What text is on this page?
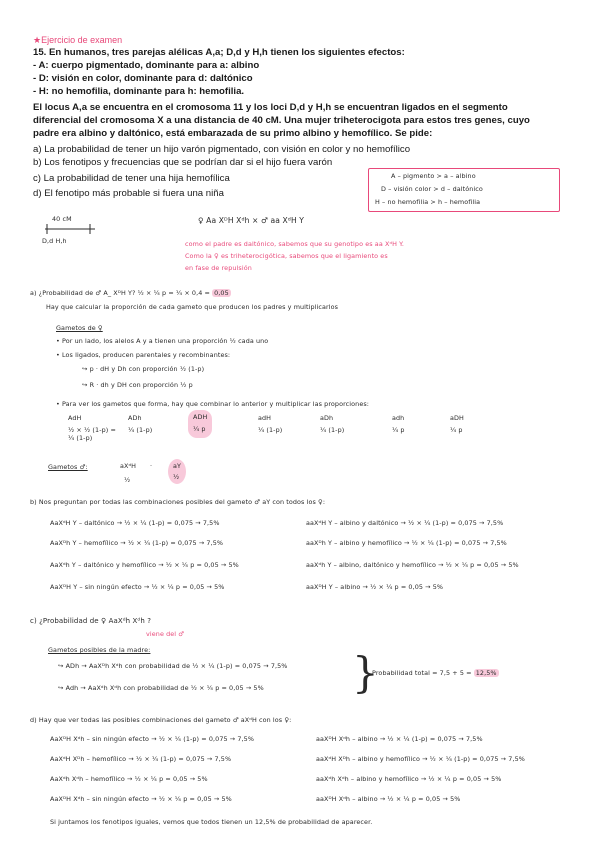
★Ejercicio de examen
15. En humanos, tres parejas alélicas A,a; D,d y H,h tienen los siguientes efectos:
- A: cuerpo pigmentado, dominante para a: albino
- D: visión en color, dominante para d: daltónico
- H: no hemofilia, dominante para h: hemofilia.
El locus A,a se encuentra en el cromosoma 11 y los loci D,d y H,h se encuentran ligados en el segmento
diferencial del cromosoma X a una distancia de 40 cM. Una mujer triheterocigota para estos tres genes, cuyo
padre era albino y daltónico, está embarazada de su primo albino y hemofílico. Se pide:
a) La probabilidad de tener un hijo varón pigmentado, con visión en color y no hemofílico
b) Los fenotipos y frecuencias que se podrían dar si el hijo fuera varón
c) La probabilidad de tener una hija hemofílica
d) El fenotipo más probable si fuera una niña
A – pigmento > a – albino
D – visión color > d – daltónico
H – no hemofilia > h – hemofilia
40 cM
D,d H,h
♀ Aa XᴰH Xᵈh × ♂ aa XᵈH Y
como el padre es daltónico, sabemos que su genotipo es aa XᵈH Y.
Como la ♀ es triheterocigótica, sabemos que el ligamiento es
en fase de repulsión
a) ¿Probabilidad de ♂ A_ XᴰH Y? ½ × ¼ p = ¼ × 0,4 = 0,05
Hay que calcular la proporción de cada gameto que producen los padres y multiplicarlos
Gametos de ♀
• Por un lado, los alelos A y a tienen una proporción ½ cada uno
• Los ligados, producen parentales y recombinantes:
↪ p · dH y Dh con proporción ½ (1-p)
↪ R · dh y DH con proporción ½ p
• Para ver los gametos que forma, hay que combinar lo anterior y multiplicar las proporciones:
AdH
½ × ½ (1-p) = ¼ (1-p)
ADh
¼ (1-p)
ADH
¼ p
adH
¼ (1-p)
aDh
¼ (1-p)
adh
¼ p
aDH
¼ p
Gametos ♂:	aXᵈH
½
·	aY
½
b) Nos preguntan por todas las combinaciones posibles del gameto ♂ aY con todos los ♀:
AaXᵈH Y – daltónico → ½ × ¼ (1-p) = 0,075 → 7,5%
AaXᴰh Y – hemofílico → ½ × ¼ (1-p) = 0,075 → 7,5%
AaXᵈh Y – daltónico y hemofílico → ½ × ¼ p = 0,05 → 5%
AaXᴰH Y – sin ningún efecto → ½ × ¼ p = 0,05 → 5%
aaXᵈH Y – albino y daltónico → ½ × ¼ (1-p) = 0,075 → 7,5%
aaXᴰh Y – albino y hemofílico → ½ × ¼ (1-p) = 0,075 → 7,5%
aaXᵈh Y – albino, daltónico y hemofílico → ½ × ¼ p = 0,05 → 5%
aaXᴰH Y – albino → ½ × ¼ p = 0,05 → 5%
c) ¿Probabilidad de ♀ AaXᵈh Xᵈh ?
viene del ♂
Gametos posibles de la madre:
↪ ADh → AaXᴰh Xᵈh con probabilidad de ½ × ¼ (1-p) = 0,075 → 7,5%
↪ Adh → AaXᵈh Xᵈh con probabilidad de ½ × ¼ p = 0,05 → 5% }
Probabilidad total = 7,5 + 5 = 12,5%
d) Hay que ver todas las posibles combinaciones del gameto ♂ aXᵈH con los ♀:
AaXᴰH Xᵈh – sin ningún efecto → ½ × ¼ (1-p) = 0,075 → 7,5%
AaXᵈH Xᴰh – hemofílico → ½ × ¼ (1-p) = 0,075 → 7,5%
AaXᵈh Xᵈh – hemofílico → ½ × ¼ p = 0,05 → 5%
AaXᴰH Xᵈh – sin ningún efecto → ½ × ¼ p = 0,05 → 5%
aaXᴰH Xᵈh – albino → ½ × ¼ (1-p) = 0,075 → 7,5%
aaXᵈH Xᴰh – albino y hemofílico → ½ × ¼ (1-p) = 0,075 → 7,5%
aaXᵈh Xᵈh – albino y hemofílico → ½ × ¼ p = 0,05 → 5%
aaXᴰH Xᵈh – albino → ½ × ¼ p = 0,05 → 5%
Si juntamos los fenotipos iguales, vemos que todos tienen un 12,5% de probabilidad de aparecer.
